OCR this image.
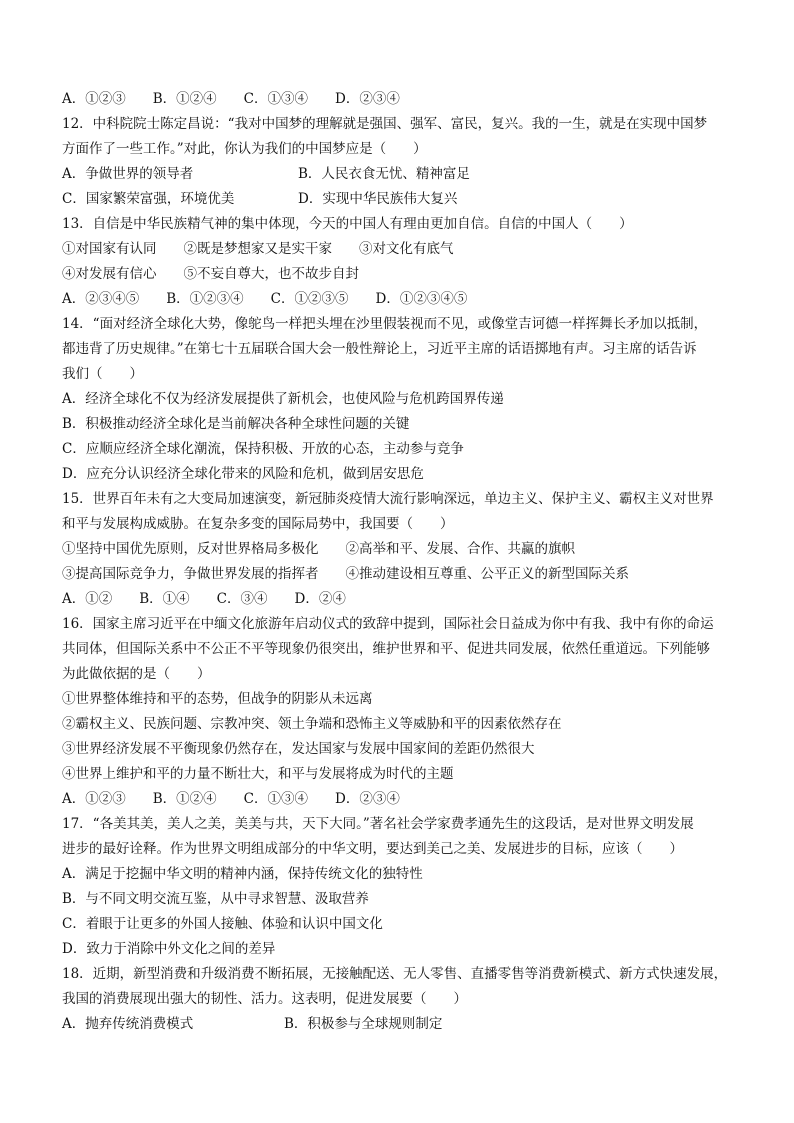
A．①②③　　B．①②④　　C．①③④　　D．②③④
12．中科院院士陈定昌说：“我对中国梦的理解就是强国、强军、富民，复兴。我的一生，就是在实现中国梦
方面作了一些工作。”对此，你认为我们的中国梦应是（　　）
A．争做世界的领导者	B．人民衣食无忧、精神富足
C．国家繁荣富强，环境优美	D．实现中华民族伟大复兴
13．自信是中华民族精气神的集中体现，今天的中国人有理由更加自信。自信的中国人（　　）
①对国家有认同　　②既是梦想家又是实干家　　③对文化有底气
④对发展有信心　　⑤不妄自尊大，也不故步自封
A．②③④⑤　　B．①②③④　　C．①②③⑤　　D．①②③④⑤
14．“面对经济全球化大势，像鸵鸟一样把头埋在沙里假装视而不见，或像堂吉诃德一样挥舞长矛加以抵制，
都违背了历史规律。”在第七十五届联合国大会一般性辩论上，习近平主席的话语掷地有声。习主席的话告诉
我们（　　）
A．经济全球化不仅为经济发展提供了新机会，也使风险与危机跨国界传递
B．积极推动经济全球化是当前解决各种全球性问题的关键
C．应顺应经济全球化潮流，保持积极、开放的心态，主动参与竞争
D．应充分认识经济全球化带来的风险和危机，做到居安思危
15．世界百年未有之大变局加速演变，新冠肺炎疫情大流行影响深远，单边主义、保护主义、霸权主义对世界
和平与发展构成威胁。在复杂多变的国际局势中，我国要（　　）
①坚持中国优先原则，反对世界格局多极化　　②高举和平、发展、合作、共赢的旗帜
③提高国际竞争力，争做世界发展的指挥者　　④推动建设相互尊重、公平正义的新型国际关系
A．①②　　B．①④　　C．③④　　D．②④
16．国家主席习近平在中缅文化旅游年启动仪式的致辞中提到，国际社会日益成为你中有我、我中有你的命运
共同体，但国际关系中不公正不平等现象仍很突出，维护世界和平、促进共同发展，依然任重道远。下列能够
为此做依据的是（　　）
①世界整体维持和平的态势，但战争的阴影从未远离
②霸权主义、民族问题、宗教冲突、领土争端和恐怖主义等威胁和平的因素依然存在
③世界经济发展不平衡现象仍然存在，发达国家与发展中国家间的差距仍然很大
④世界上维护和平的力量不断壮大，和平与发展将成为时代的主题
A．①②③　　B．①②④　　C．①③④　　D．②③④
17．“各美其美，美人之美，美美与共，天下大同。”著名社会学家费孝通先生的这段话，是对世界文明发展
进步的最好诠释。作为世界文明组成部分的中华文明，要达到美己之美、发展进步的目标，应该（　　）
A．满足于挖掘中华文明的精神内涵，保持传统文化的独特性
B．与不同文明交流互鉴，从中寻求智慧、汲取营养
C．着眼于让更多的外国人接触、体验和认识中国文化
D．致力于消除中外文化之间的差异
18．近期，新型消费和升级消费不断拓展，无接触配送、无人零售、直播零售等消费新模式、新方式快速发展，
我国的消费展现出强大的韧性、活力。这表明，促进发展要（　　）
A．抛弃传统消费模式	B．积极参与全球规则制定
